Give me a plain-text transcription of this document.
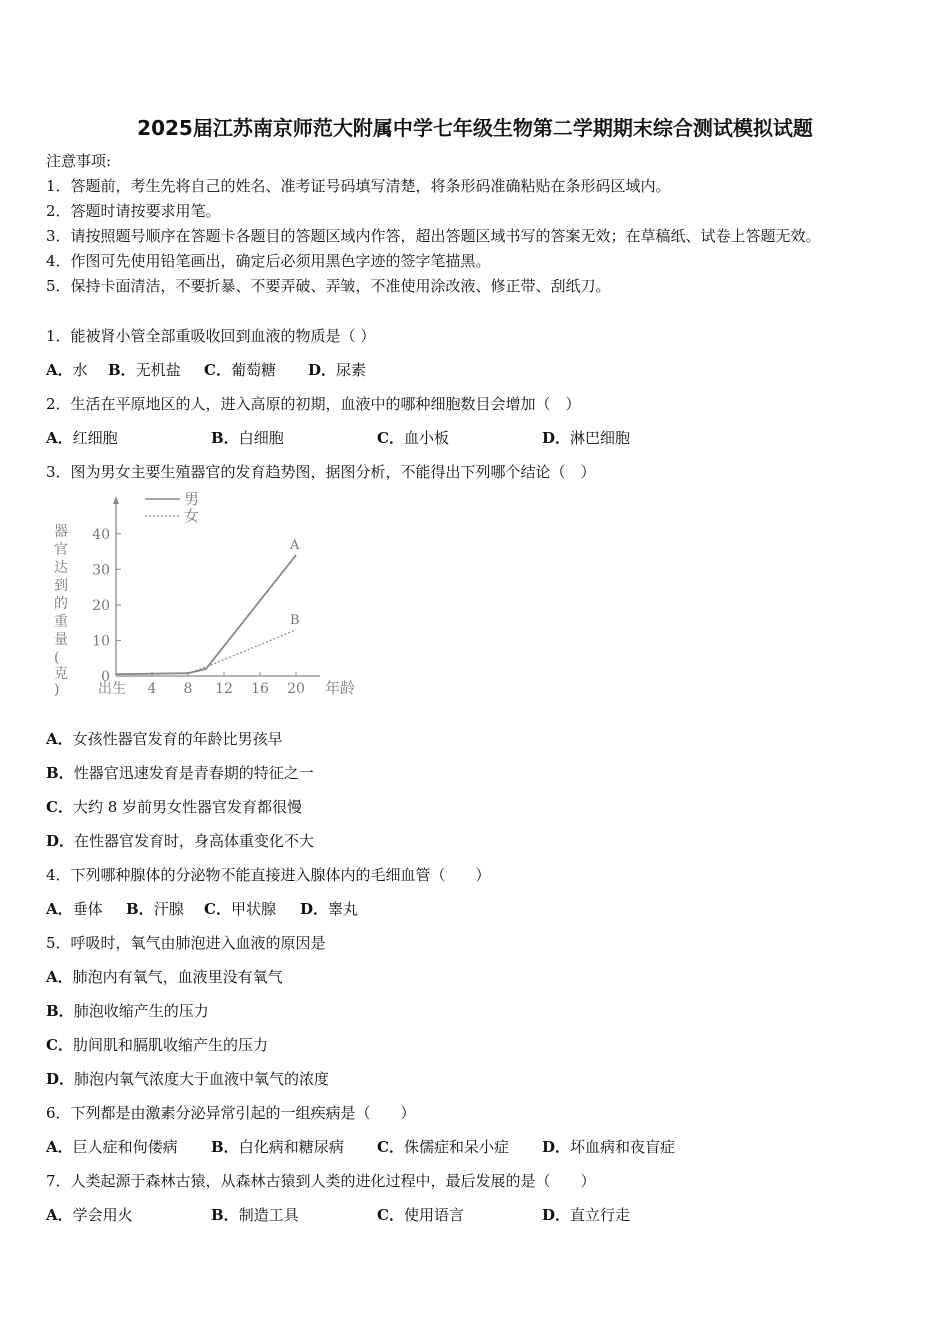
2025届江苏南京师范大附属中学七年级生物第二学期期末综合测试模拟试题
注意事项:
1．答题前，考生先将自己的姓名、准考证号码填写清楚，将条形码准确粘贴在条形码区域内。
2．答题时请按要求用笔。
3．请按照题号顺序在答题卡各题目的答题区域内作答，超出答题区域书写的答案无效；在草稿纸、试卷上答题无效。
4．作图可先使用铅笔画出，确定后必须用黑色字迹的签字笔描黑。
5．保持卡面清洁，不要折暴、不要弄破、弄皱，不准使用涂改液、修正带、刮纸刀。
1．能被肾小管全部重吸收回到血液的物质是（ ）
A．水 B．无机盐 C．葡萄糖 D．尿素
2．生活在平原地区的人，进入高原的初期，血液中的哪种细胞数目会增加（　）
A．红细胞	B．白细胞	C．血小板	D．淋巴细胞
3．图为男女主要生殖器官的发育趋势图，据图分析，不能得出下列哪个结论（　）
男
女
器
官
达
到
的
重
量
(
克
)	年龄
0
10
20
30
40
出生 4 8 12 16 20
A
B
A．女孩性器官发育的年龄比男孩早
B．性器官迅速发育是青春期的特征之一
C．大约 8 岁前男女性器官发育都很慢
D．在性器官发育时，身高体重变化不大
4．下列哪种腺体的分泌物不能直接进入腺体内的毛细血管（　　）
A．垂体 B．汗腺 C．甲状腺 D．睾丸
5．呼吸时，氧气由肺泡进入血液的原因是
A．肺泡内有氧气，血液里没有氧气
B．肺泡收缩产生的压力
C．肋间肌和膈肌收缩产生的压力
D．肺泡内氧气浓度大于血液中氧气的浓度
6．下列都是由激素分泌异常引起的一组疾病是（　　）
A．巨人症和佝偻病 B．白化病和糖尿病 C．侏儒症和呆小症 D．坏血病和夜盲症
7．人类起源于森林古猿，从森林古猿到人类的进化过程中，最后发展的是（　　）
A．学会用火	B．制造工具	C．使用语言	D．直立行走
